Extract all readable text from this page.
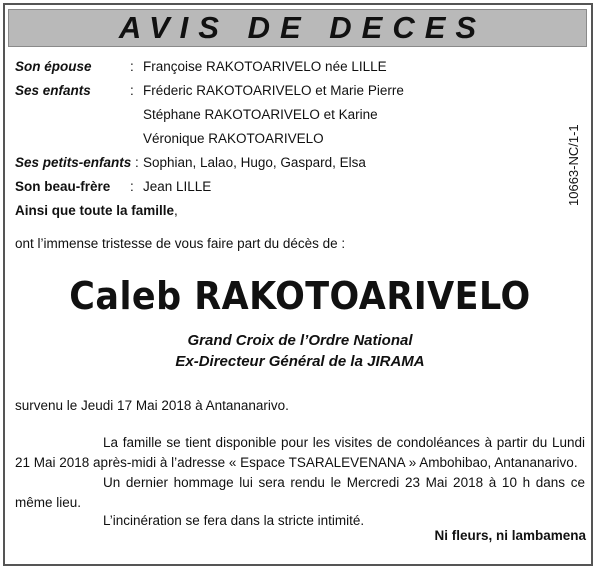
AVIS DE DECES
Son épouse	: Françoise RAKOTOARIVELO née LILLE
Ses enfants	: Fréderic RAKOTOARIVELO et Marie Pierre
Stéphane RAKOTOARIVELO et Karine
Véronique RAKOTOARIVELO
Ses petits-enfants : Sophian, Lalao, Hugo, Gaspard, Elsa
Son beau-frère : Jean LILLE
Ainsi que toute la famille,
10663-NC/1-1
ont l’immense tristesse de vous faire part du décès de :
Caleb RAKOTOARIVELO
Grand Croix de l’Ordre National
Ex-Directeur Général de la JIRAMA
survenu le Jeudi 17 Mai 2018 à Antananarivo.
La famille se tient disponible pour les visites de condoléances à partir du Lundi 21 Mai 2018 après-midi à l’adresse « Espace TSARALEVENANA » Ambohibao, Antananarivo.
Un dernier hommage lui sera rendu le Mercredi 23 Mai 2018 à 10 h dans ce même lieu.
L’incinération se fera dans la stricte intimité.
Ni fleurs, ni lambamena
